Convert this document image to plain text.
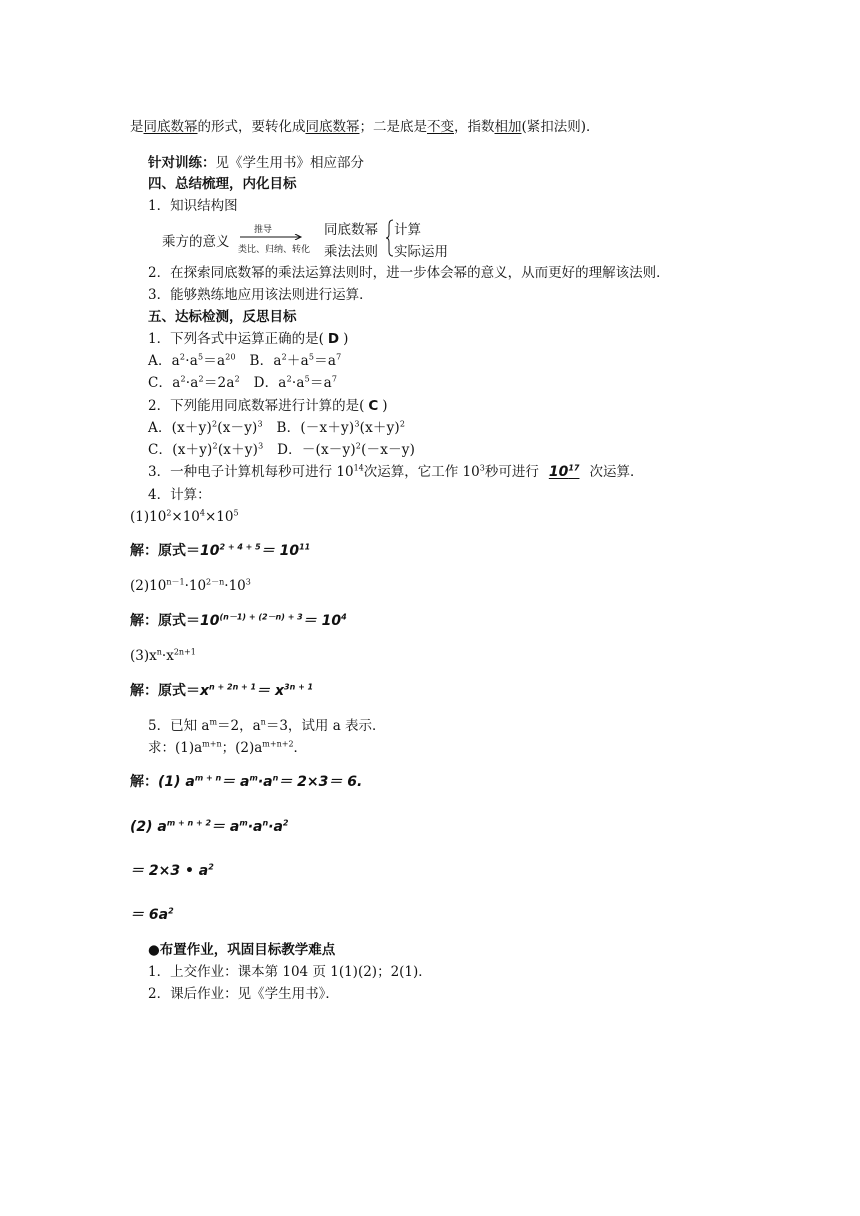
是同底数幂的形式，要转化成同底数幂；二是底是不变，指数相加(紧扣法则)．
针对训练：见《学生用书》相应部分
四、总结梳理，内化目标
1．知识结构图
乘方的意义
推导
类比、归纳、转化
同底数幂
乘法法则
计算
实际运用
2．在探索同底数幂的乘法运算法则时，进一步体会幂的意义，从而更好的理解该法则．
3．能够熟练地应用该法则进行运算．
五、达标检测，反思目标
1．下列各式中运算正确的是( D )
A．$a^2\cdot a^5=a^{20}$　B．$a^2+a^5=a^7$
C．$a^2\cdot a^2=2a^2$　D．$a^2\cdot a^5=a^7$
2．下列能用同底数幂进行计算的是( C )
A．$(x+y)^2(x-y)^3$　B．$(-x+y)^3(x+y)^2$
C．$(x+y)^2(x+y)^3$　D．$-(x-y)^2(-x-y)$
3．一种电子计算机每秒可进行 $10^{14}$次运算，它工作 $10^3$秒可进行 $10^{17}$ 次运算．
4．计算：
$(1)10^2\times 10^4\times 10^5$
解：原式$=10^{2 + 4 + 5}= 10^{11}$
$(2)10^{n-1}\cdot 10^{2-n}\cdot 10^3$
解：原式$=10^{(n-1) + (2-n) + 3}= 10^4$
$(3)x^n\cdot x^{2n+1}$
解：原式$=x^{n + 2n + 1}= x^{3n + 1}$
5．已知 $a^m=2$，$a^n=3$，试用 a 表示．
求：$(1)a^{m+n}$；$(2)a^{m+n+2}$．
解：(1) $a^{m + n}= a^m\cdot a^n= 2\times 3= 6$.
(2) $a^{m + n + 2}= a^m\cdot a^n\cdot a^2$
＝ 2×3 • $a^2$
＝ $6a^2$
●布置作业，巩固目标教学难点
1．上交作业：课本第 104 页 1(1)(2)；2(1)．
2．课后作业：见《学生用书》．
